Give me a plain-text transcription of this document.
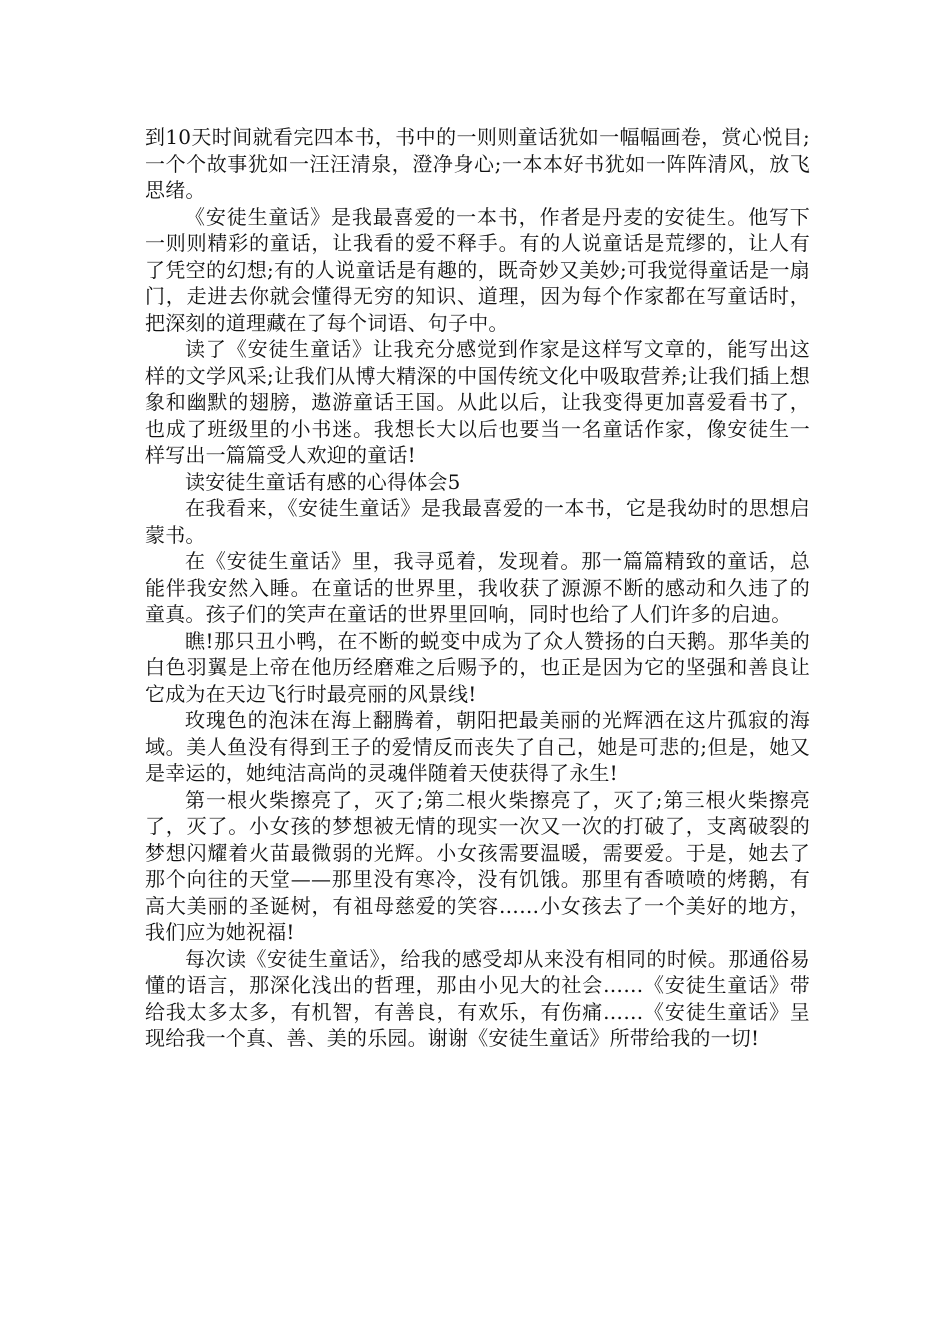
到10天时间就看完四本书，书中的一则则童话犹如一幅幅画卷，赏心悦目;一个个故事犹如一汪汪清泉，澄净身心;一本本好书犹如一阵阵清风，放飞思绪。

《安徒生童话》是我最喜爱的一本书，作者是丹麦的安徒生。他写下一则则精彩的童话，让我看的爱不释手。有的人说童话是荒缪的，让人有了凭空的幻想;有的人说童话是有趣的，既奇妙又美妙;可我觉得童话是一扇门，走进去你就会懂得无穷的知识、道理，因为每个作家都在写童话时，把深刻的道理藏在了每个词语、句子中。

读了《安徒生童话》让我充分感觉到作家是这样写文章的，能写出这样的文学风采;让我们从博大精深的中国传统文化中吸取营养;让我们插上想象和幽默的翅膀，遨游童话王国。从此以后，让我变得更加喜爱看书了，也成了班级里的小书迷。我想长大以后也要当一名童话作家，像安徒生一样写出一篇篇受人欢迎的童话!

读安徒生童话有感的心得体会5

在我看来，《安徒生童话》是我最喜爱的一本书，它是我幼时的思想启蒙书。

在《安徒生童话》里，我寻觅着，发现着。那一篇篇精致的童话，总能伴我安然入睡。在童话的世界里，我收获了源源不断的感动和久违了的童真。孩子们的笑声在童话的世界里回响，同时也给了人们许多的启迪。

瞧!那只丑小鸭，在不断的蜕变中成为了众人赞扬的白天鹅。那华美的白色羽翼是上帝在他历经磨难之后赐予的，也正是因为它的坚强和善良让它成为在天边飞行时最亮丽的风景线!

玫瑰色的泡沫在海上翻腾着，朝阳把最美丽的光辉洒在这片孤寂的海域。美人鱼没有得到王子的爱情反而丧失了自己，她是可悲的;但是，她又是幸运的，她纯洁高尚的灵魂伴随着天使获得了永生!

第一根火柴擦亮了，灭了;第二根火柴擦亮了，灭了;第三根火柴擦亮了，灭了。小女孩的梦想被无情的现实一次又一次的打破了，支离破裂的梦想闪耀着火苗最微弱的光辉。小女孩需要温暖，需要爱。于是，她去了那个向往的天堂——那里没有寒冷，没有饥饿。那里有香喷喷的烤鹅，有高大美丽的圣诞树，有祖母慈爱的笑容……小女孩去了一个美好的地方，我们应为她祝福!

每次读《安徒生童话》，给我的感受却从来没有相同的时候。那通俗易懂的语言，那深化浅出的哲理，那由小见大的社会……《安徒生童话》带给我太多太多，有机智，有善良，有欢乐，有伤痛……《安徒生童话》呈现给我一个真、善、美的乐园。谢谢《安徒生童话》所带给我的一切!
